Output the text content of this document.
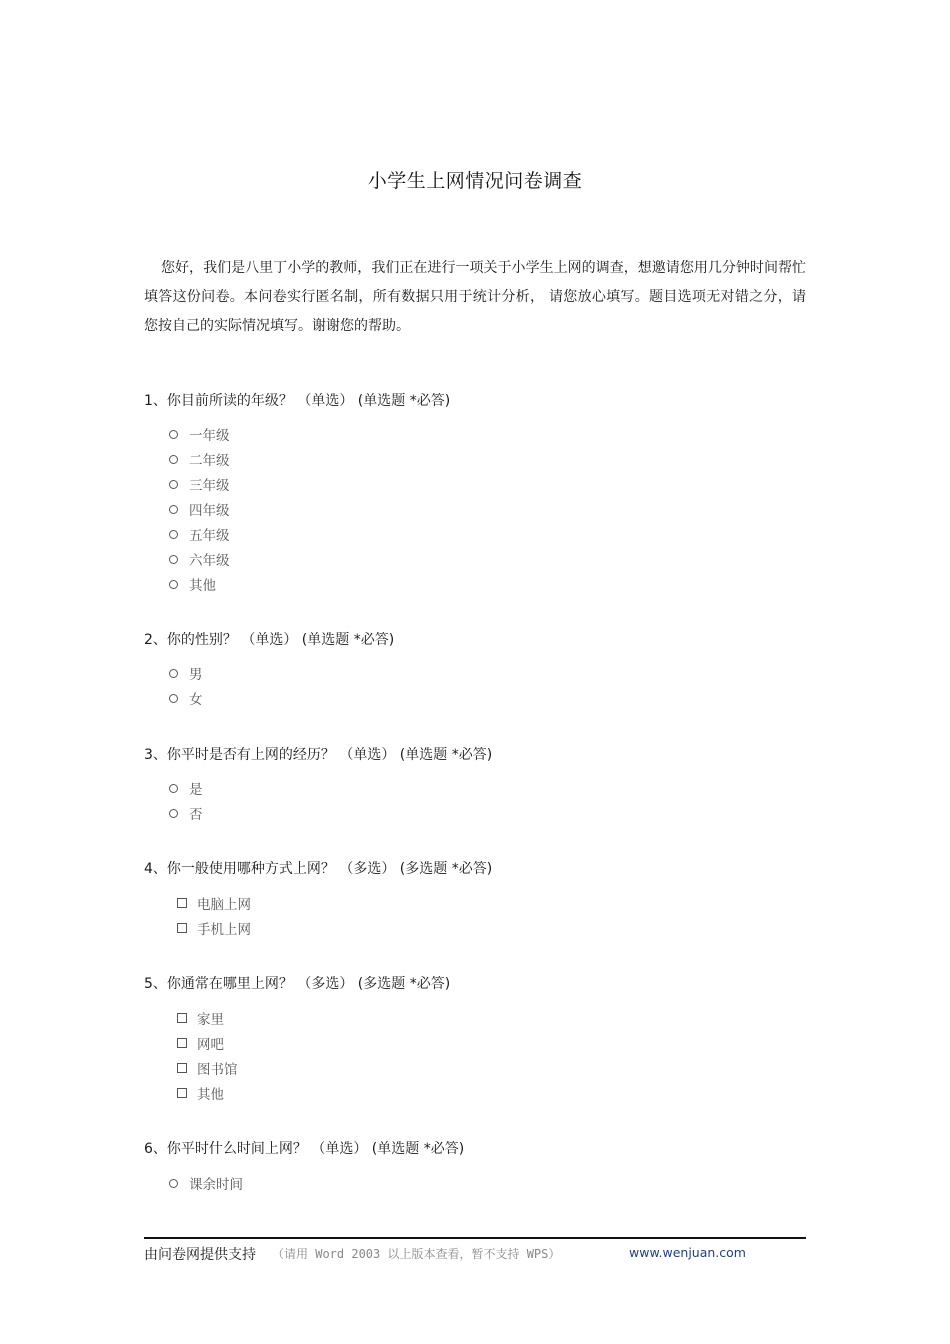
小学生上网情况问卷调查
您好，我们是八里丁小学的教师，我们正在进行一项关于小学生上网的调查，想邀请您用几分钟时间帮忙填答这份问卷。本问卷实行匿名制，所有数据只用于统计分析， 请您放心填写。题目选项无对错之分，请您按自己的实际情况填写。谢谢您的帮助。
1、你目前所读的年级？ （单选） (单选题 *必答)
一年级
二年级
三年级
四年级
五年级
六年级
其他
2、你的性别？ （单选） (单选题 *必答)
男
女
3、你平时是否有上网的经历？ （单选） (单选题 *必答)
是
否
4、你一般使用哪种方式上网？ （多选） (多选题 *必答)
电脑上网
手机上网
5、你通常在哪里上网？ （多选） (多选题 *必答)
家里
网吧
图书馆
其他
6、你平时什么时间上网？ （单选） (单选题 *必答)
课余时间
由问卷网提供支持 （请用 Word 2003 以上版本查看，暂不支持 WPS）	www.wenjuan.com
